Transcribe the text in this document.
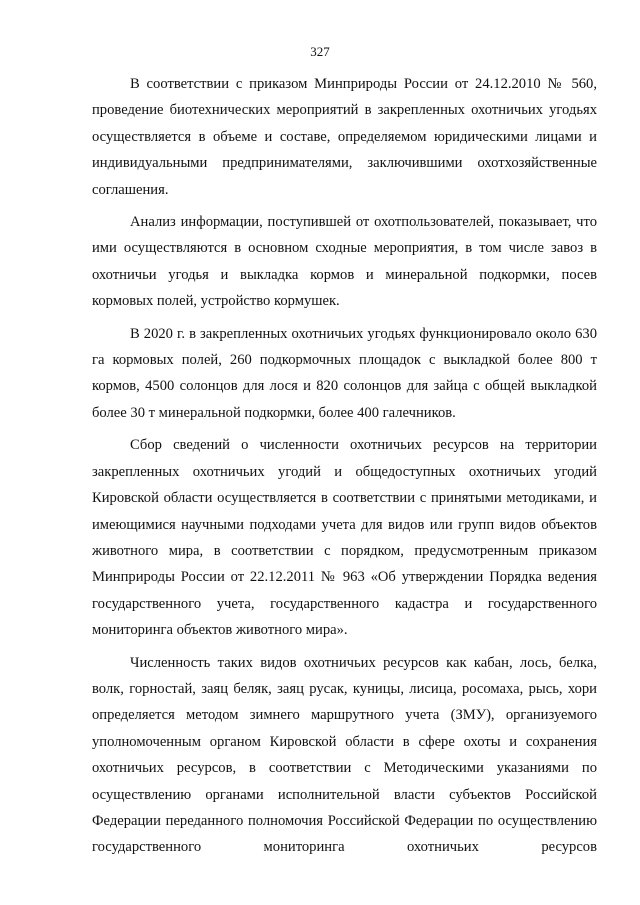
327

В соответствии с приказом Минприроды России от 24.12.2010 № 560, проведение биотехнических мероприятий в закрепленных охотничьих угодьях осуществляется в объеме и составе, определяемом юридическими лицами и индивидуальными предпринимателями, заключившими охотхозяйственные соглашения.

Анализ информации, поступившей от охотпользователей, показывает, что ими осуществляются в основном сходные мероприятия, в том числе завоз в охотничьи угодья и выкладка кормов и минеральной подкормки, посев кормовых полей, устройство кормушек.

В 2020 г. в закрепленных охотничьих угодьях функционировало около 630 га кормовых полей, 260 подкормочных площадок с выкладкой более 800 т кормов, 4500 солонцов для лося и 820 солонцов для зайца с общей выкладкой более 30 т минеральной подкормки, более 400 галечников.

Сбор сведений о численности охотничьих ресурсов на территории закрепленных охотничьих угодий и общедоступных охотничьих угодий Кировской области осуществляется в соответствии с принятыми методиками, и имеющимися научными подходами учета для видов или групп видов объектов животного мира, в соответствии с порядком, предусмотренным приказом Минприроды России от 22.12.2011 № 963 «Об утверждении Порядка ведения государственного учета, государственного кадастра и государственного мониторинга объектов животного мира».

Численность таких видов охотничьих ресурсов как кабан, лось, белка, волк, горностай, заяц беляк, заяц русак, куницы, лисица, росомаха, рысь, хори определяется методом зимнего маршрутного учета (ЗМУ), организуемого уполномоченным органом Кировской области в сфере охоты и сохранения охотничьих ресурсов, в соответствии с Методическими указаниями по осуществлению органами исполнительной власти субъектов Российской Федерации переданного полномочия Российской Федерации по осуществлению государственного мониторинга охотничьих ресурсов
